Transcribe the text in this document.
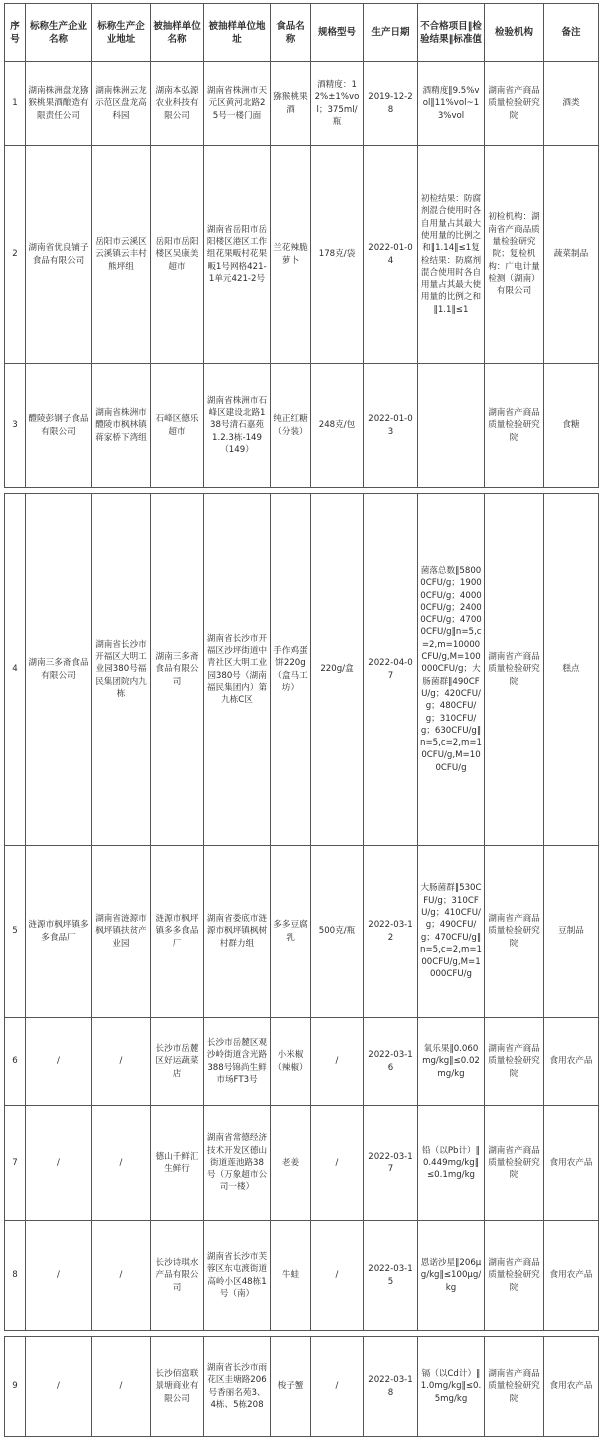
序号	标称生产企业名称	标称生产企业地址	被抽样单位名称	被抽样单位地址	食品名称	规格型号	生产日期	不合格项目‖检验结果‖标准值	检验机构	备注
1	湖南株洲盘龙猕猴桃果酒酿造有限责任公司	湖南株洲云龙示范区盘龙高科园	湖南本弘源农业科技有限公司	湖南省株洲市天元区黄河北路25号一楼门面	猕猴桃果酒	酒精度：12%±1%vol；375ml/瓶	2019-12-28	酒精度‖9.5%vol‖11%vol~13%vol	湖南省产商品质量检验研究院	酒类
2	湖南省优良铺子食品有限公司	岳阳市云溪区云溪镇云丰村熊坪组	岳阳市岳阳楼区吴康美超市	湖南省岳阳市岳阳楼区港区工作组花果畈村花果畈1号网格421-1单元421-2号	兰花辣脆萝卜	178克/袋	2022-01-04	初检结果：防腐剂混合使用时各自用量占其最大使用量的比例之和‖1.14‖≤1复检结果：防腐剂混合使用时各自用量占其最大使用量的比例之和‖1.1‖≤1	初检机构：湖南省产商品质量检验研究院；复检机构：广电计量检测（湖南）有限公司	蔬菜制品
3	醴陵彭钢子食品有限公司	湖南省株洲市醴陵市枫林镇蒋家桥下湾组	石峰区德乐超市	湖南省株洲市石峰区建设北路138号清石嘉苑1.2.3栋-149（149）	纯正红糖（分装）	248克/包	2022-01-03		湖南省产商品质量检验研究院	食糖

4	湖南三多斋食品有限公司	湖南省长沙市开福区大明工业园380号福民集团院内九栋	湖南三多斋食品有限公司	湖南省长沙市开福区沙坪街道中青社区大明工业园380号（湖南福民集团内）第九栋C区	手作鸡蛋饼220g（盒马工坊）	220g/盒	2022-04-07	菌落总数‖58000CFU/g；19000CFU/g；40000CFU/g；24000CFU/g；47000CFU/g‖n=5,c=2,m=10000CFU/g,M=100000CFU/g；大肠菌群‖490CFU/g；420CFU/g；480CFU/g；310CFU/g；630CFU/g‖n=5,c=2,m=10CFU/g,M=100CFU/g	湖南省产商品质量检验研究院	糕点
5	涟源市枫坪镇多多食品厂	湖南省涟源市枫坪镇扶贫产业园	涟源市枫坪镇多多食品厂	湖南省娄底市涟源市枫坪镇枫树村群力组	多多豆腐乳	500克/瓶	2022-03-12	大肠菌群‖530CFU/g；310CFU/g；410CFU/g；490CFU/g；470CFU/g‖n=5,c=2,m=100CFU/g,M=1000CFU/g	湖南省产商品质量检验研究院	豆制品
6	/	/	长沙市岳麓区好运蔬菜店	长沙市岳麓区观沙岭街道含光路388号锦尚生鲜市场FT3号	小米椒（辣椒）	/	2022-03-16	氧乐果‖0.060mg/kg‖≤0.02mg/kg	湖南省产商品质量检验研究院	食用农产品
7	/	/	德山千鲜汇生鲜行	湖南省常德经济技术开发区德山街道莲池路38号（万象超市公司一楼）	老姜	/	2022-03-17	铅（以Pb计）‖0.449mg/kg‖≤0.1mg/kg	湖南省产商品质量检验研究院	食用农产品
8	/	/	长沙诗琪水产品有限公司	湖南省长沙市芙蓉区东屯渡街道高岭小区48栋1号（南）	牛蛙	/	2022-03-15	恩诺沙星‖206μg/kg‖≤100μg/kg	湖南省产商品质量检验研究院	食用农产品

9	/	/	长沙佰富联景塘商业有限公司	湖南省长沙市雨花区圭塘路206号香丽名苑3、4栋、5栋208	梭子蟹	/	2022-03-18	镉（以Cd计）‖1.0mg/kg‖≤0.5mg/kg	湖南省产商品质量检验研究院	食用农产品
